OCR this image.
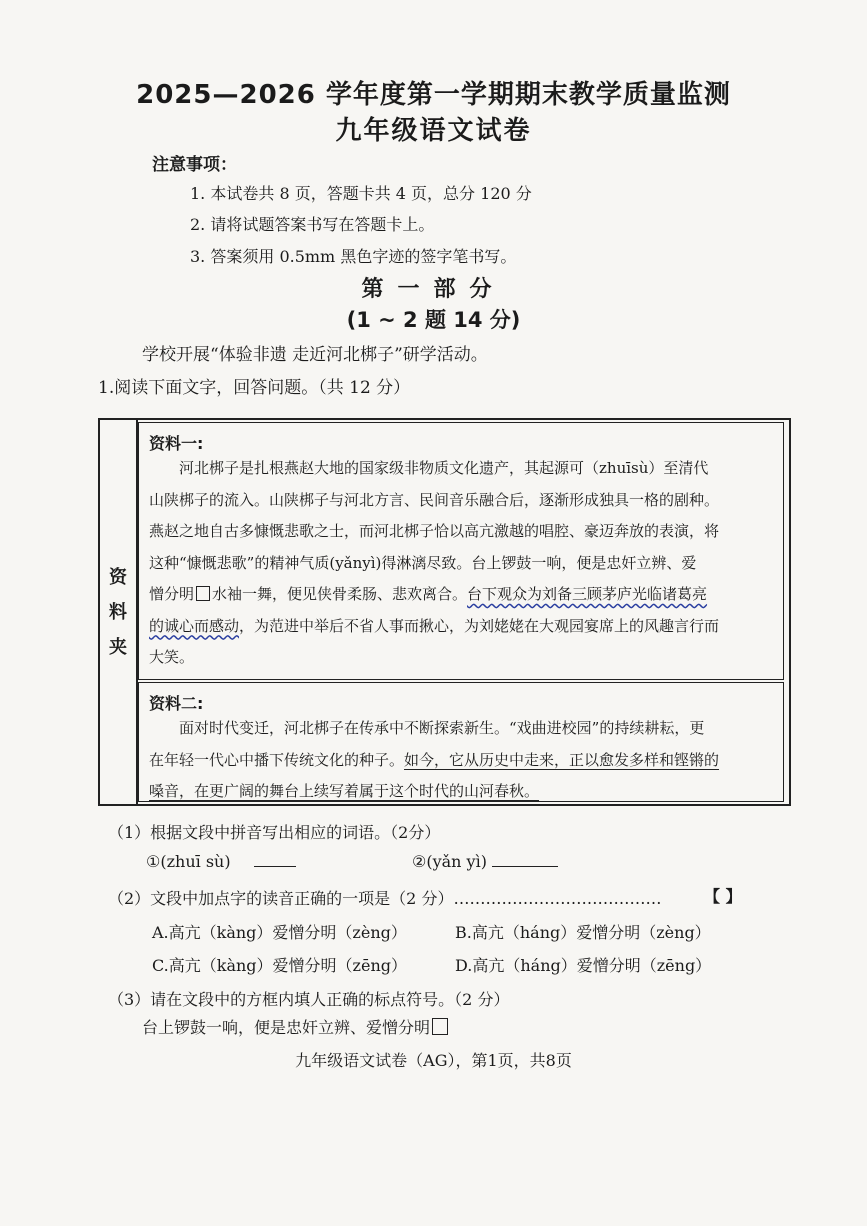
2025—2026 学年度第一学期期末教学质量监测
九年级语文试卷
注意事项：
1. 本试卷共 8 页，答题卡共 4 页，总分 120 分
2. 请将试题答案书写在答题卡上。
3. 答案须用 0.5mm 黑色字迹的签字笔书写。
第一部分
(1 ~ 2 题 14 分)
学校开展“体验非遗 走近河北梆子”研学活动。
1.阅读下面文字，回答问题。（共 12 分）
资
料
夹
资料一:

河北梆子是扎根燕赵大地的国家级非物质文化遗产，其起源可（zhuīsù）至清代

山陕梆子的流入。山陕梆子与河北方言、民间音乐融合后，逐渐形成独具一格的剧种。

燕赵之地自古多慷慨悲歌之士，而河北梆子恰以高亢激越的唱腔、豪迈奔放的表演，将

这种“慷慨悲歌”的精神气质(yǎnyì)得淋漓尽致。台上锣鼓一响，便是忠奸立辨、爱

憎分明 水袖一舞，便见侠骨柔肠、悲欢离合。台下观众为刘备三顾茅庐光临诸葛亮

的诚心而感动，为范进中举后不省人事而揪心，为刘姥姥在大观园宴席上的风趣言行而

大笑。

资料二:

面对时代变迁，河北梆子在传承中不断探索新生。“戏曲进校园”的持续耕耘，更

在年轻一代心中播下传统文化的种子。如今，它从历史中走来，正以愈发多样和铿锵的

嗓音，在更广阔的舞台上续写着属于这个时代的山河春秋。

（1）根据文段中拼音写出相应的词语。（2分）
①(zhuī sù)	②(yǎn yì)
（2）文段中加点字的读音正确的一项是（2 分）…………………………………	【 】
A.高亢（kàng）爱憎分明（zèng）	B.高亢（háng）爱憎分明（zèng）
C.高亢（kàng）爱憎分明（zēng）	D.高亢（háng）爱憎分明（zēng）
（3）请在文段中的方框内填人正确的标点符号。（2 分）
台上锣鼓一响，便是忠奸立辨、爱憎分明
九年级语文试卷（AG），第1页，共8页
